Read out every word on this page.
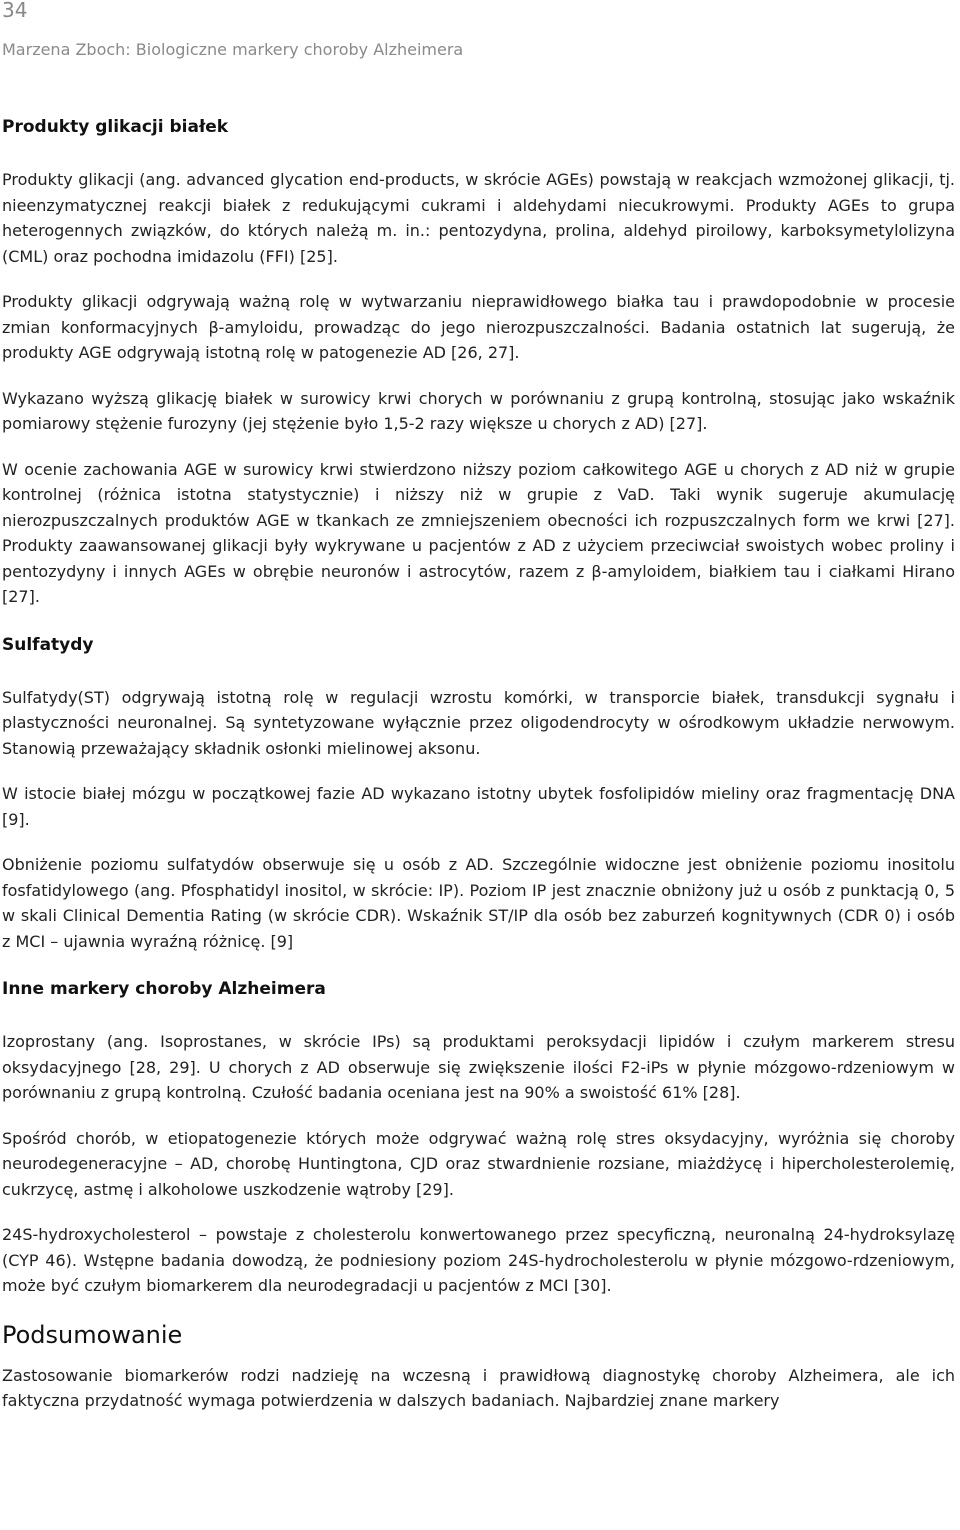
34
Marzena Zboch: Biologiczne markery choroby Alzheimera
Produkty glikacji białek

Produkty glikacji (ang. advanced glycation end-products, w skrócie AGEs) powstają w reakcjach wzmożonej glikacji, tj. nieenzymatycznej reakcji białek z redukującymi cukrami i aldehydami niecukrowymi. Produkty AGEs to grupa heterogennych związków, do których należą m. in.: pentozydyna, prolina, aldehyd piroilowy, karboksymetylolizyna (CML) oraz pochodna imidazolu (FFI) [25].

Produkty glikacji odgrywają ważną rolę w wytwarzaniu nieprawidłowego białka tau i prawdopodobnie w procesie zmian konformacyjnych β-amyloidu, prowadząc do jego nierozpuszczalności. Badania ostatnich lat sugerują, że produkty AGE odgrywają istotną rolę w patogenezie AD [26, 27].

Wykazano wyższą glikację białek w surowicy krwi chorych w porównaniu z grupą kontrolną, stosując jako wskaźnik pomiarowy stężenie furozyny (jej stężenie było 1,5-2 razy większe u chorych z AD) [27].

W ocenie zachowania AGE w surowicy krwi stwierdzono niższy poziom całkowitego AGE u chorych z AD niż w grupie kontrolnej (różnica istotna statystycznie) i niższy niż w grupie z VaD. Taki wynik sugeruje akumulację nierozpuszczalnych produktów AGE w tkankach ze zmniejszeniem obecności ich rozpuszczalnych form we krwi [27]. Produkty zaawansowanej glikacji były wykrywane u pacjentów z AD z użyciem przeciwciał swoistych wobec proliny i pentozydyny i innych AGEs w obrębie neuronów i astrocytów, razem z β-amyloidem, białkiem tau i ciałkami Hirano [27].

Sulfatydy

Sulfatydy(ST) odgrywają istotną rolę w regulacji wzrostu komórki, w transporcie białek, transdukcji sygnału i plastyczności neuronalnej. Są syntetyzowane wyłącznie przez oligodendrocyty w ośrodkowym układzie nerwowym. Stanowią przeważający składnik osłonki mielinowej aksonu.

W istocie białej mózgu w początkowej fazie AD wykazano istotny ubytek fosfolipidów mieliny oraz fragmentację DNA [9].

Obniżenie poziomu sulfatydów obserwuje się u osób z AD. Szczególnie widoczne jest obniżenie poziomu inositolu fosfatidylowego (ang. Pfosphatidyl inositol, w skrócie: IP). Poziom IP jest znacznie obniżony już u osób z punktacją 0, 5 w skali Clinical Dementia Rating (w skrócie CDR). Wskaźnik ST/IP dla osób bez zaburzeń kognitywnych (CDR 0) i osób z MCI – ujawnia wyraźną różnicę. [9]

Inne markery choroby Alzheimera

Izoprostany (ang. Isoprostanes, w skrócie IPs) są produktami peroksydacji lipidów i czułym markerem stresu oksydacyjnego [28, 29]. U chorych z AD obserwuje się zwiększenie ilości F2-iPs w płynie mózgowo-rdzeniowym w porównaniu z grupą kontrolną. Czułość badania oceniana jest na 90% a swoistość 61% [28].

Spośród chorób, w etiopatogenezie których może odgrywać ważną rolę stres oksydacyjny, wyróżnia się choroby neurodegeneracyjne – AD, chorobę Huntingtona, CJD oraz stwardnienie rozsiane, miażdżycę i hipercholesterolemię, cukrzycę, astmę i alkoholowe uszkodzenie wątroby [29].

24S-hydroxycholesterol – powstaje z cholesterolu konwertowanego przez specyficzną, neuronalną 24-hydroksylazę (CYP 46). Wstępne badania dowodzą, że podniesiony poziom 24S-hydrocholesterolu w płynie mózgowo-rdzeniowym, może być czułym biomarkerem dla neurodegradacji u pacjentów z MCI [30].

Podsumowanie

Zastosowanie biomarkerów rodzi nadzieję na wczesną i prawidłową diagnostykę choroby Alzheimera, ale ich faktyczna przydatność wymaga potwierdzenia w dalszych badaniach. Najbardziej znane markery
